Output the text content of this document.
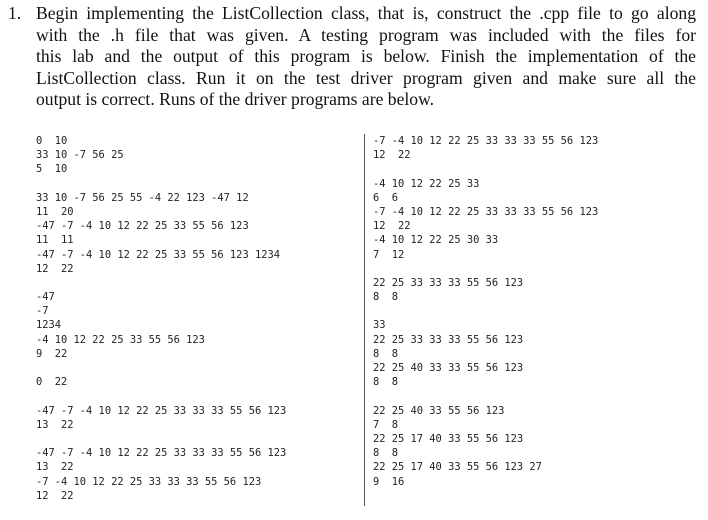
1. Begin implementing the ListCollection class, that is, construct the .cpp file to go along
with the .h file that was given. A testing program was included with the files for
this lab and the output of this program is below. Finish the implementation of the
ListCollection class. Run it on the test driver program given and make sure all the
output is correct. Runs of the driver programs are below.
0  10
33 10 -7 56 25
5  10
33 10 -7 56 25 55 -4 22 123 -47 12
11  20
-47 -7 -4 10 12 22 25 33 55 56 123
11  11
-47 -7 -4 10 12 22 25 33 55 56 123 1234
12  22
-47
-7
1234
-4 10 12 22 25 33 55 56 123
9  22
0  22
-47 -7 -4 10 12 22 25 33 33 33 55 56 123
13  22
-47 -7 -4 10 12 22 25 33 33 33 55 56 123
13  22
-7 -4 10 12 22 25 33 33 33 55 56 123
12  22
-7 -4 10 12 22 25 33 33 33 55 56 123
12  22
-4 10 12 22 25 33
6  6
-7 -4 10 12 22 25 33 33 33 55 56 123
12  22
-4 10 12 22 25 30 33
7  12
22 25 33 33 33 55 56 123
8  8
33
22 25 33 33 33 55 56 123
8  8
22 25 40 33 33 55 56 123
8  8
22 25 40 33 55 56 123
7  8
22 25 17 40 33 55 56 123
8  8
22 25 17 40 33 55 56 123 27
9  16
